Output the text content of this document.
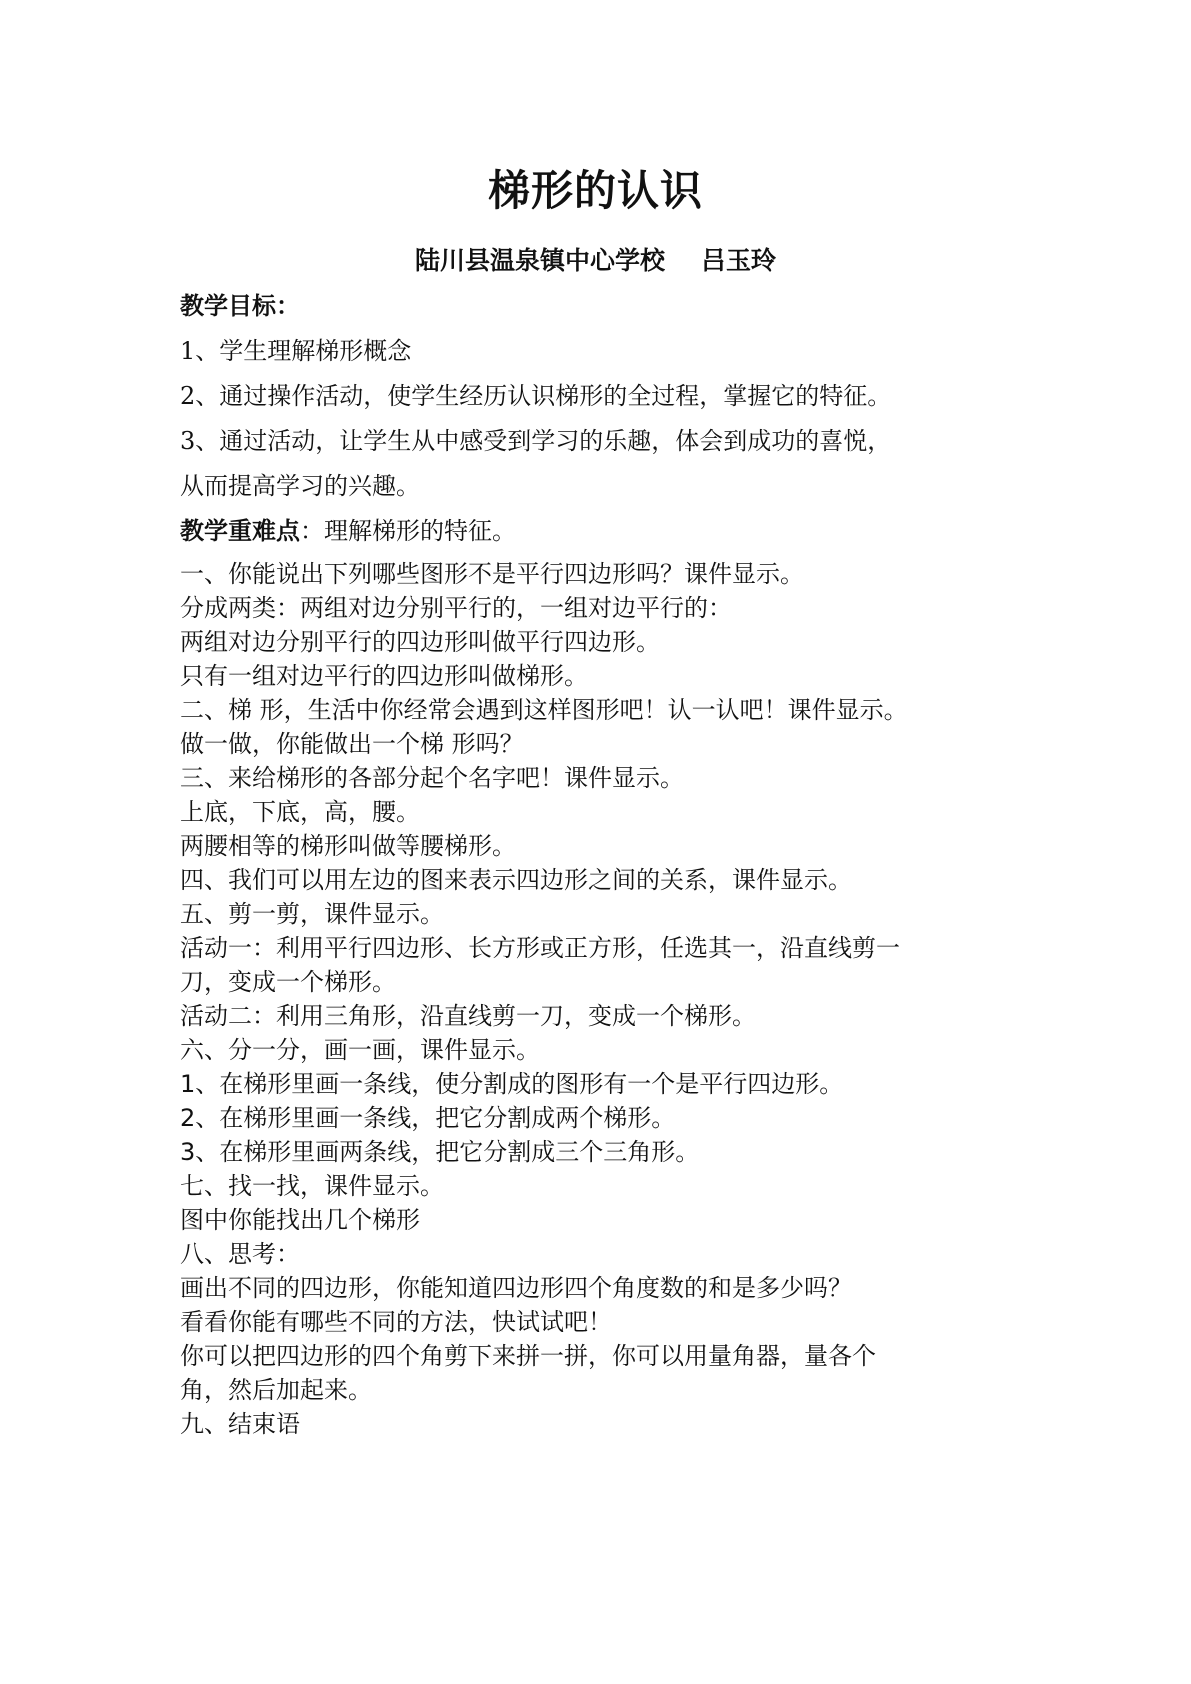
梯形的认识
陆川县温泉镇中心学校 吕玉玲
教学目标：
1、学生理解梯形概念
2、通过操作活动，使学生经历认识梯形的全过程，掌握它的特征。
3、通过活动，让学生从中感受到学习的乐趣，体会到成功的喜悦，
从而提高学习的兴趣。
教学重难点：理解梯形的特征。
一、你能说出下列哪些图形不是平行四边形吗？课件显示。
分成两类：两组对边分别平行的，一组对边平行的：
两组对边分别平行的四边形叫做平行四边形。
只有一组对边平行的四边形叫做梯形。
二、梯 形，生活中你经常会遇到这样图形吧！认一认吧！课件显示。
做一做，你能做出一个梯 形吗？
三、来给梯形的各部分起个名字吧！课件显示。
上底，下底，高，腰。
两腰相等的梯形叫做等腰梯形。
四、我们可以用左边的图来表示四边形之间的关系，课件显示。
五、剪一剪，课件显示。
活动一：利用平行四边形、长方形或正方形，任选其一，沿直线剪一
刀，变成一个梯形。
活动二：利用三角形，沿直线剪一刀，变成一个梯形。
六、分一分，画一画，课件显示。
1、在梯形里画一条线，使分割成的图形有一个是平行四边形。
2、在梯形里画一条线，把它分割成两个梯形。
3、在梯形里画两条线，把它分割成三个三角形。
七、找一找，课件显示。
图中你能找出几个梯形
八、思考：
画出不同的四边形，你能知道四边形四个角度数的和是多少吗？
看看你能有哪些不同的方法，快试试吧！
你可以把四边形的四个角剪下来拼一拼，你可以用量角器，量各个
角，然后加起来。
九、结束语
